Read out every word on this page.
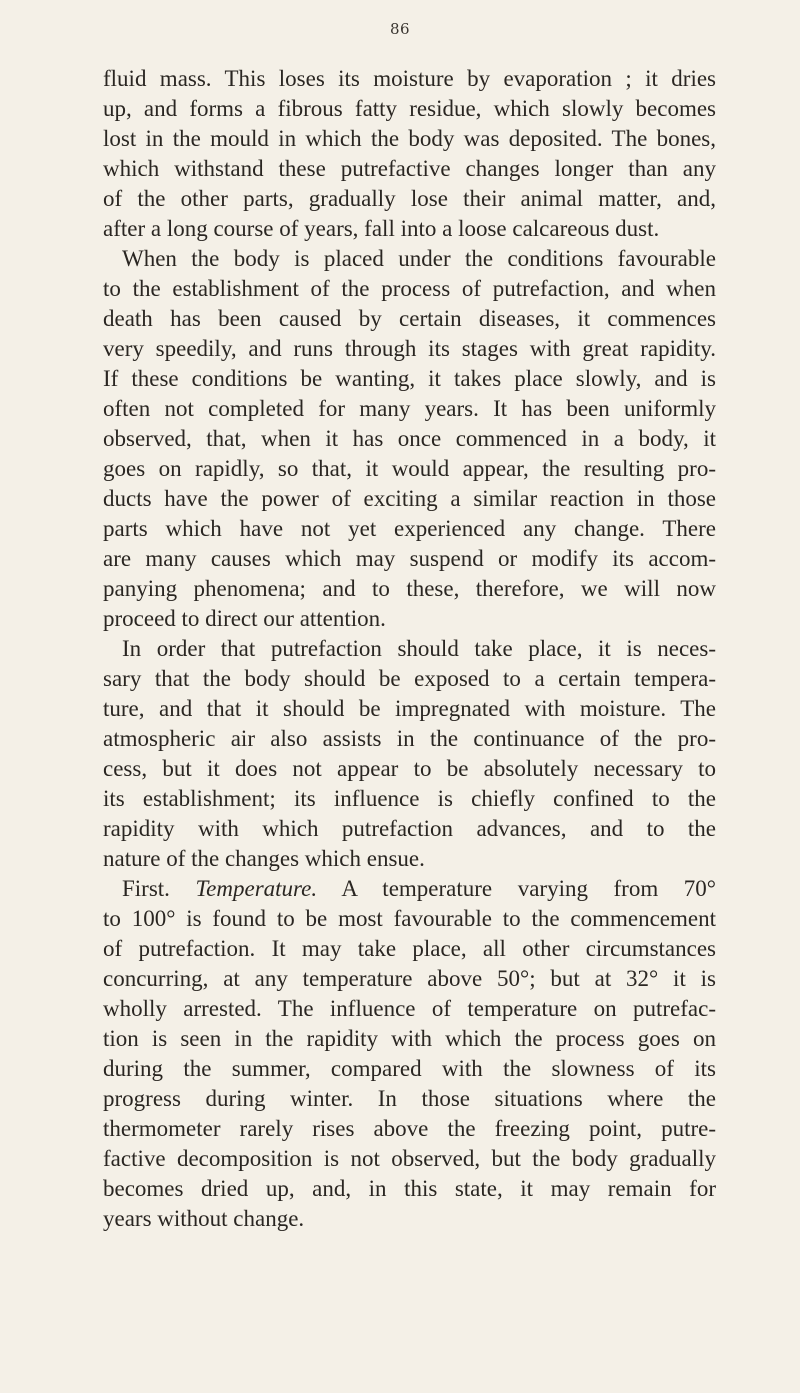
86
fluid mass. This loses its moisture by evaporation ; it dries
up, and forms a fibrous fatty residue, which slowly becomes
lost in the mould in which the body was deposited. The bones,
which withstand these putrefactive changes longer than any
of the other parts, gradually lose their animal matter, and,
after a long course of years, fall into a loose calcareous dust.
When the body is placed under the conditions favourable
to the establishment of the process of putrefaction, and when
death has been caused by certain diseases, it commences
very speedily, and runs through its stages with great rapidity.
If these conditions be wanting, it takes place slowly, and is
often not completed for many years. It has been uniformly
observed, that, when it has once commenced in a body, it
goes on rapidly, so that, it would appear, the resulting pro-
ducts have the power of exciting a similar reaction in those
parts which have not yet experienced any change. There
are many causes which may suspend or modify its accom-
panying phenomena; and to these, therefore, we will now
proceed to direct our attention.
In order that putrefaction should take place, it is neces-
sary that the body should be exposed to a certain tempera-
ture, and that it should be impregnated with moisture. The
atmospheric air also assists in the continuance of the pro-
cess, but it does not appear to be absolutely necessary to
its establishment; its influence is chiefly confined to the
rapidity with which putrefaction advances, and to the
nature of the changes which ensue.
First. Temperature. A temperature varying from 70°
to 100° is found to be most favourable to the commencement
of putrefaction. It may take place, all other circumstances
concurring, at any temperature above 50°; but at 32° it is
wholly arrested. The influence of temperature on putrefac-
tion is seen in the rapidity with which the process goes on
during the summer, compared with the slowness of its
progress during winter. In those situations where the
thermometer rarely rises above the freezing point, putre-
factive decomposition is not observed, but the body gradually
becomes dried up, and, in this state, it may remain for
years without change.
